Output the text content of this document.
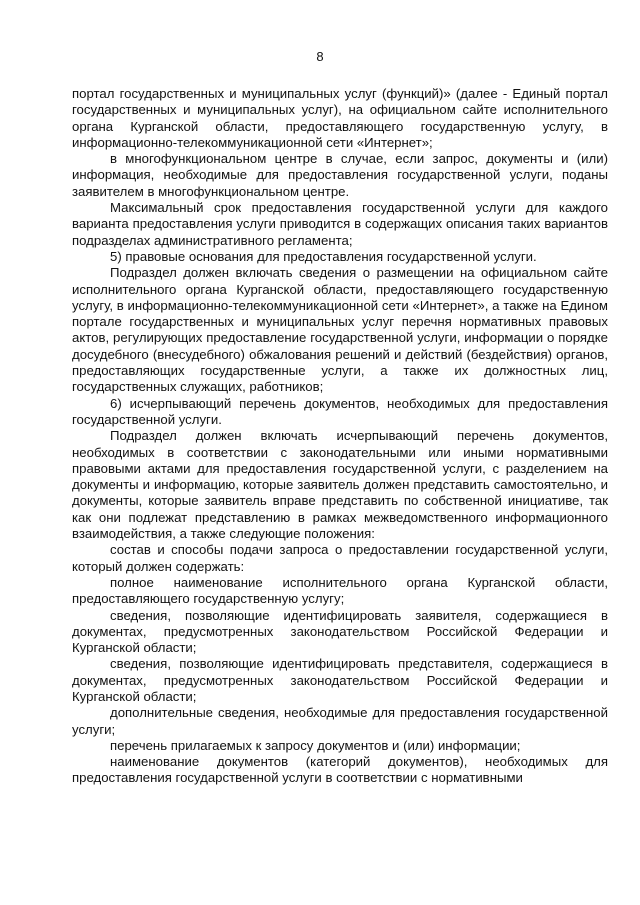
8

портал государственных и муниципальных услуг (функций)» (далее - Единый портал государственных и муниципальных услуг), на официальном сайте исполнительного органа Курганской области, предоставляющего государственную услугу, в информационно-телекоммуникационной сети «Интернет»;

в многофункциональном центре в случае, если запрос, документы и (или) информация, необходимые для предоставления государственной услуги, поданы заявителем в многофункциональном центре.

Максимальный срок предоставления государственной услуги для каждого варианта предоставления услуги приводится в содержащих описания таких вариантов подразделах административного регламента;

5) правовые основания для предоставления государственной услуги.

Подраздел должен включать сведения о размещении на официальном сайте исполнительного органа Курганской области, предоставляющего государственную услугу, в информационно-телекоммуникационной сети «Интернет», а также на Едином портале государственных и муниципальных услуг перечня нормативных правовых актов, регулирующих предоставление государственной услуги, информации о порядке досудебного (внесудебного) обжалования решений и действий (бездействия) органов, предоставляющих государственные услуги, а также их должностных лиц, государственных служащих, работников;

6) исчерпывающий перечень документов, необходимых для предоставления государственной услуги.

Подраздел должен включать исчерпывающий перечень документов, необходимых в соответствии с законодательными или иными нормативными правовыми актами для предоставления государственной услуги, с разделением на документы и информацию, которые заявитель должен представить самостоятельно, и документы, которые заявитель вправе представить по собственной инициативе, так как они подлежат представлению в рамках межведомственного информационного взаимодействия, а также следующие положения:

состав и способы подачи запроса о предоставлении государственной услуги, который должен содержать:

полное наименование исполнительного органа Курганской области, предоставляющего государственную услугу;

сведения, позволяющие идентифицировать заявителя, содержащиеся в документах, предусмотренных законодательством Российской Федерации и Курганской области;

сведения, позволяющие идентифицировать представителя, содержащиеся в документах, предусмотренных законодательством Российской Федерации и Курганской области;

дополнительные сведения, необходимые для предоставления государственной услуги;

перечень прилагаемых к запросу документов и (или) информации;

наименование документов (категорий документов), необходимых для предоставления государственной услуги в соответствии с нормативными
